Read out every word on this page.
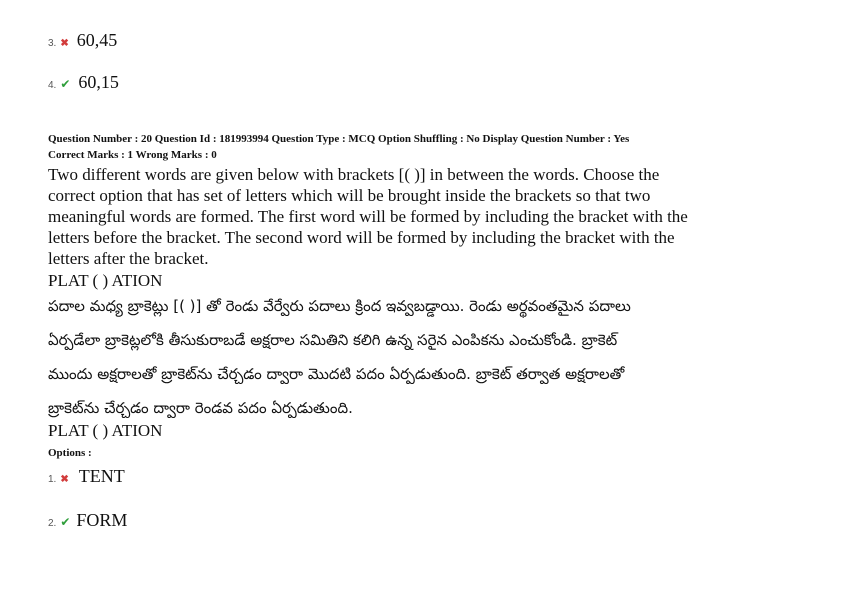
3. ✖ 60,45
4. ✔ 60,15
Question Number : 20 Question Id : 181993994 Question Type : MCQ Option Shuffling : No Display Question Number : Yes
Correct Marks : 1 Wrong Marks : 0
Two different words are given below with brackets [( )] in between the words. Choose the
correct option that has set of letters which will be brought inside the brackets so that two
meaningful words are formed. The first word will be formed by including the bracket with the
letters before the bracket. The second word will be formed by including the bracket with the
letters after the bracket.
PLAT ( ) ATION
పదాల మధ్య బ్రాకెట్లు [( )] తో రెండు వేర్వేరు పదాలు క్రింద ఇవ్వబడ్డాయి. రెండు అర్థవంతమైన పదాలు
ఏర్పడేలా బ్రాకెట్లలోకి తీసుకురాబడే అక్షరాల సమితిని కలిగి ఉన్న సరైన ఎంపికను ఎంచుకోండి. బ్రాకెట్
ముందు అక్షరాలతో బ్రాకెట్‌ను చేర్చడం ద్వారా మొదటి పదం ఏర్పడుతుంది. బ్రాకెట్ తర్వాత అక్షరాలతో
బ్రాకెట్‌ను చేర్చడం ద్వారా రెండవ పదం ఏర్పడుతుంది.
PLAT ( ) ATION
Options :
1. ✖ TENT
2. ✔ FORM
